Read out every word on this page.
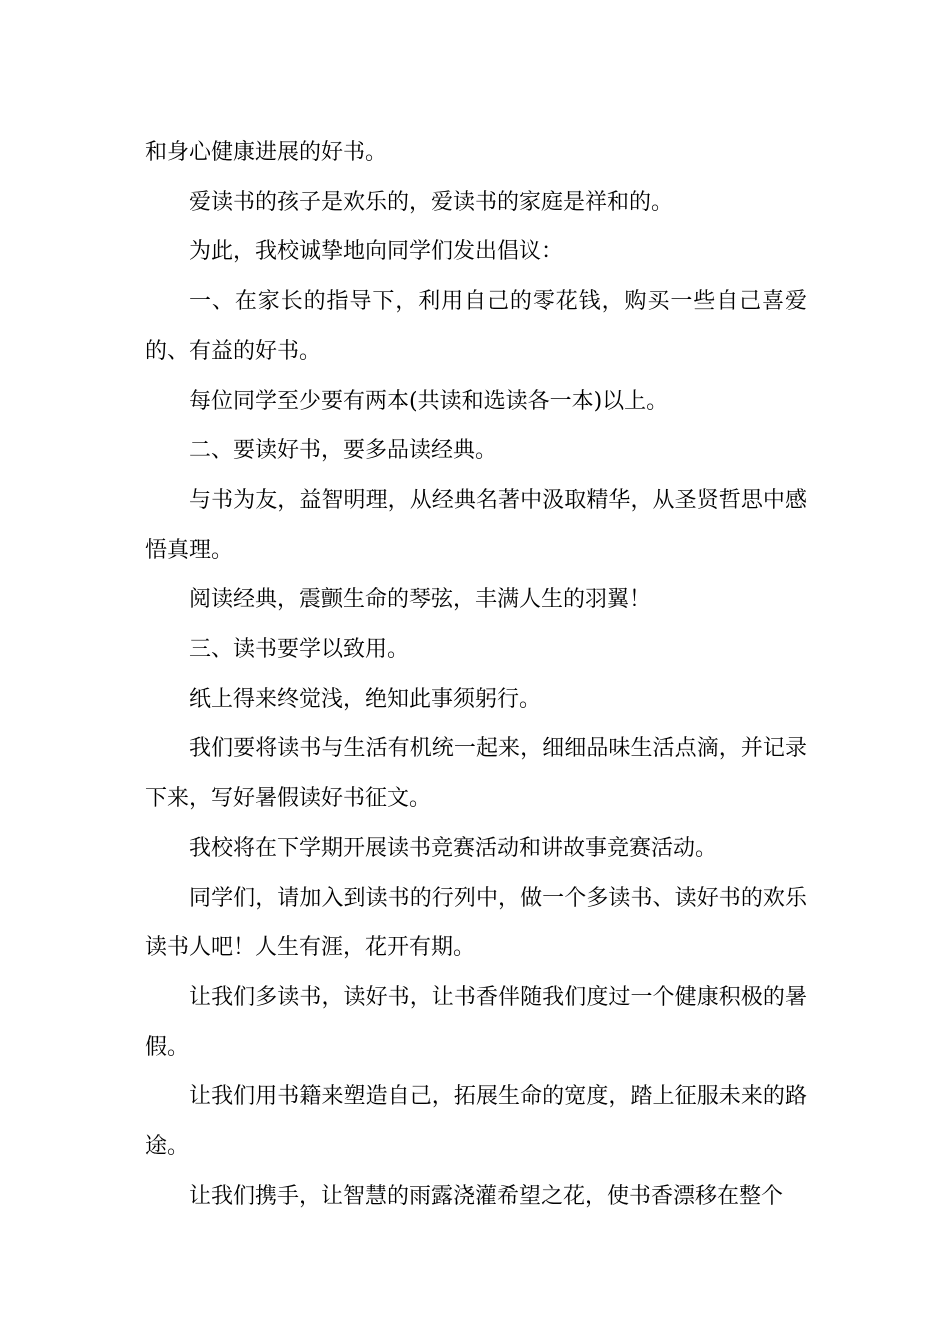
和身心健康进展的好书。

爱读书的孩子是欢乐的，爱读书的家庭是祥和的。

为此，我校诚挚地向同学们发出倡议：

一、在家长的指导下，利用自己的零花钱，购买一些自己喜爱的、有益的好书。

每位同学至少要有两本(共读和选读各一本)以上。

二、要读好书，要多品读经典。

与书为友，益智明理，从经典名著中汲取精华，从圣贤哲思中感悟真理。

阅读经典，震颤生命的琴弦，丰满人生的羽翼！

三、读书要学以致用。

纸上得来终觉浅，绝知此事须躬行。

我们要将读书与生活有机统一起来，细细品味生活点滴，并记录下来，写好暑假读好书征文。

我校将在下学期开展读书竞赛活动和讲故事竞赛活动。

同学们，请加入到读书的行列中，做一个多读书、读好书的欢乐读书人吧！人生有涯，花开有期。

让我们多读书，读好书，让书香伴随我们度过一个健康积极的暑假。

让我们用书籍来塑造自己，拓展生命的宽度，踏上征服未来的路途。

让我们携手，让智慧的雨露浇灌希望之花，使书香漂移在整个
